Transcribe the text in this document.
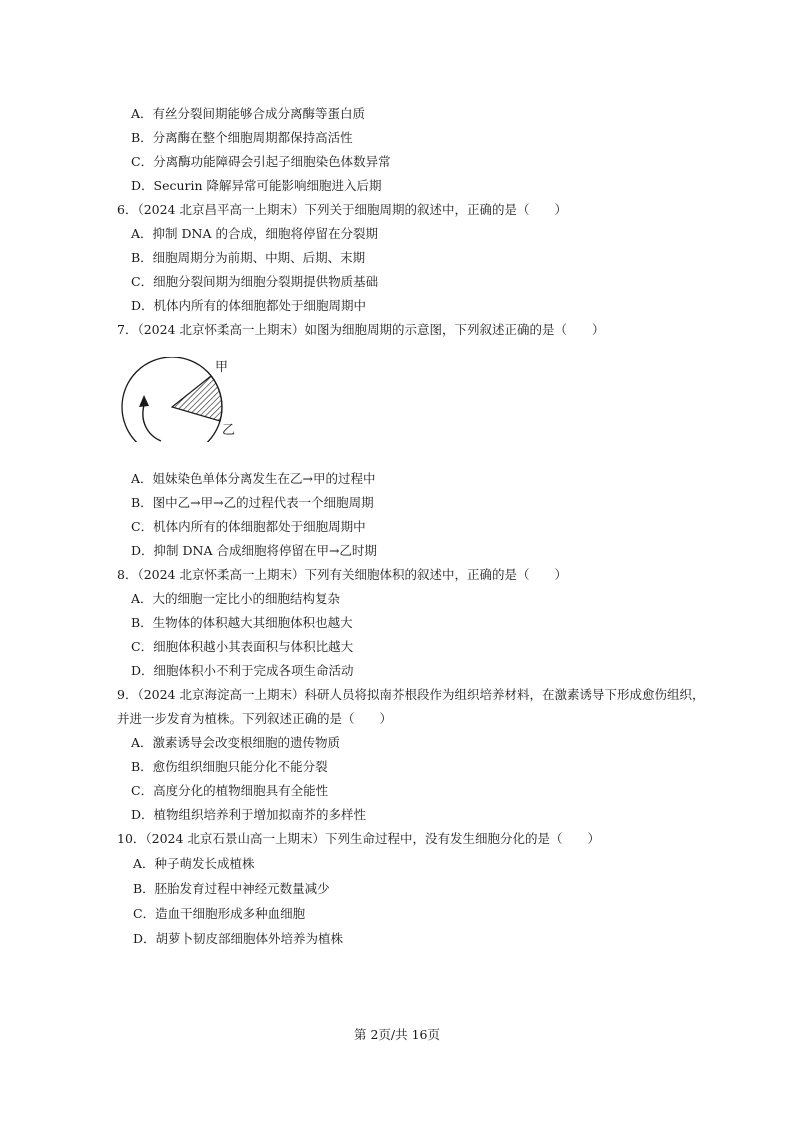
A．有丝分裂间期能够合成分离酶等蛋白质
B．分离酶在整个细胞周期都保持高活性
C．分离酶功能障碍会引起子细胞染色体数异常
D．Securin 降解异常可能影响细胞进入后期
6．（2024 北京昌平高一上期末）下列关于细胞周期的叙述中，正确的是（　　）
A．抑制 DNA 的合成，细胞将停留在分裂期
B．细胞周期分为前期、中期、后期、末期
C．细胞分裂间期为细胞分裂期提供物质基础
D．机体内所有的体细胞都处于细胞周期中
7．（2024 北京怀柔高一上期末）如图为细胞周期的示意图，下列叙述正确的是（　　）
甲
乙
A．姐妹染色单体分离发生在乙→甲的过程中
B．图中乙→甲→乙的过程代表一个细胞周期
C．机体内所有的体细胞都处于细胞周期中
D．抑制 DNA 合成细胞将停留在甲→乙时期
8．（2024 北京怀柔高一上期末）下列有关细胞体积的叙述中，正确的是（　　）
A．大的细胞一定比小的细胞结构复杂
B．生物体的体积越大其细胞体积也越大
C．细胞体积越小其表面积与体积比越大
D．细胞体积小不利于完成各项生命活动
9．（2024 北京海淀高一上期末）科研人员将拟南芥根段作为组织培养材料，在激素诱导下形成愈伤组织，
并进一步发育为植株。下列叙述正确的是（　　）
A．激素诱导会改变根细胞的遗传物质
B．愈伤组织细胞只能分化不能分裂
C．高度分化的植物细胞具有全能性
D．植物组织培养利于增加拟南芥的多样性
10．（2024 北京石景山高一上期末）下列生命过程中，没有发生细胞分化的是（　　）
A．种子萌发长成植株
B．胚胎发育过程中神经元数量减少
C．造血干细胞形成多种血细胞
D．胡萝卜韧皮部细胞体外培养为植株
第 2页/共 16页
